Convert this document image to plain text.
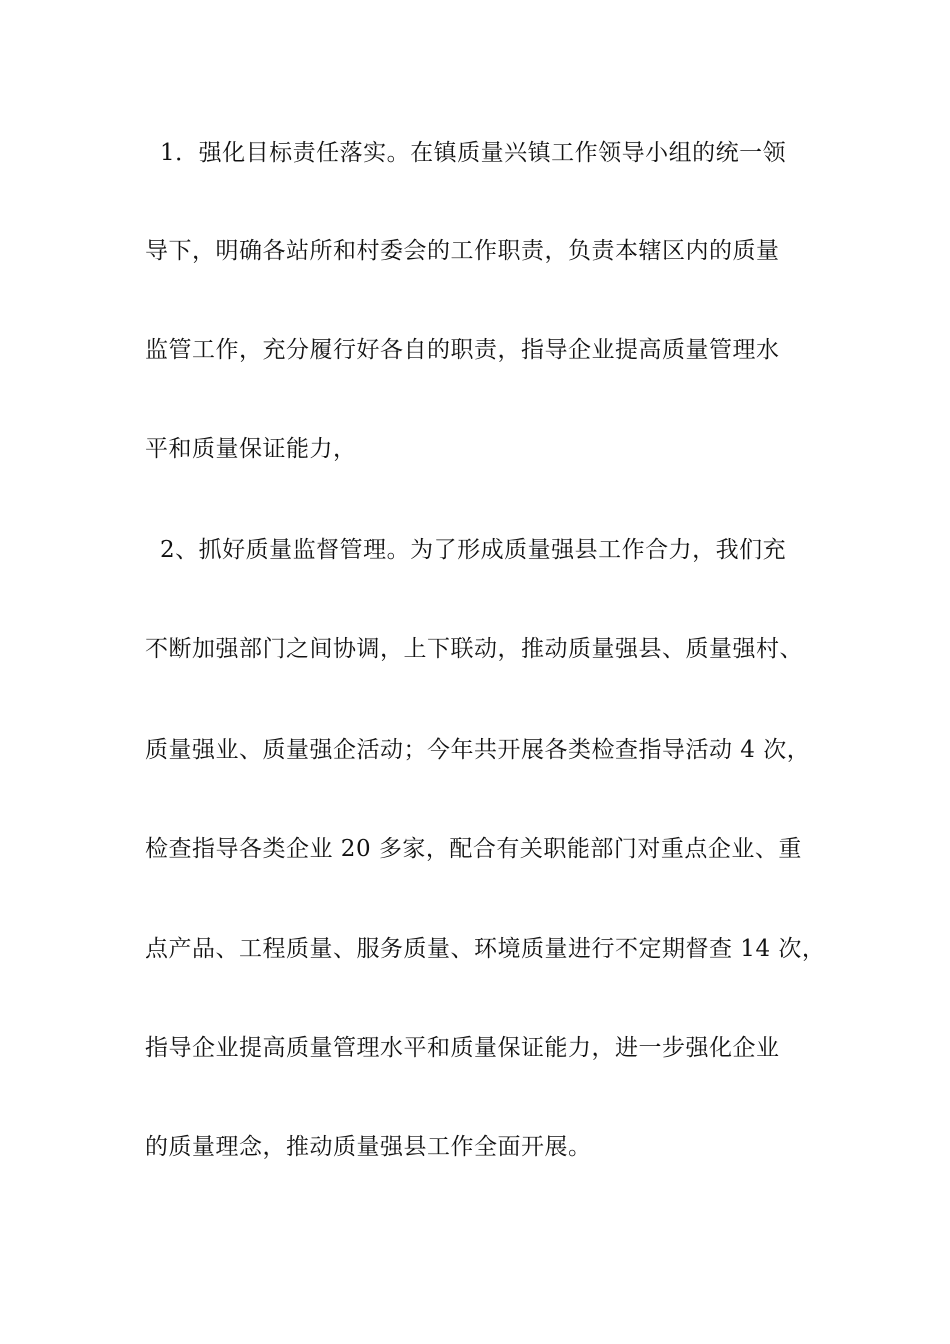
1．强化目标责任落实。在镇质量兴镇工作领导小组的统一领
导下，明确各站所和村委会的工作职责，负责本辖区内的质量
监管工作，充分履行好各自的职责，指导企业提高质量管理水
平和质量保证能力，
2、抓好质量监督管理。为了形成质量强县工作合力，我们充
不断加强部门之间协调，上下联动，推动质量强县、质量强村、
质量强业、质量强企活动；今年共开展各类检查指导活动 4 次，
检查指导各类企业 20 多家，配合有关职能部门对重点企业、重
点产品、工程质量、服务质量、环境质量进行不定期督查 14 次，
指导企业提高质量管理水平和质量保证能力，进一步强化企业
的质量理念，推动质量强县工作全面开展。
